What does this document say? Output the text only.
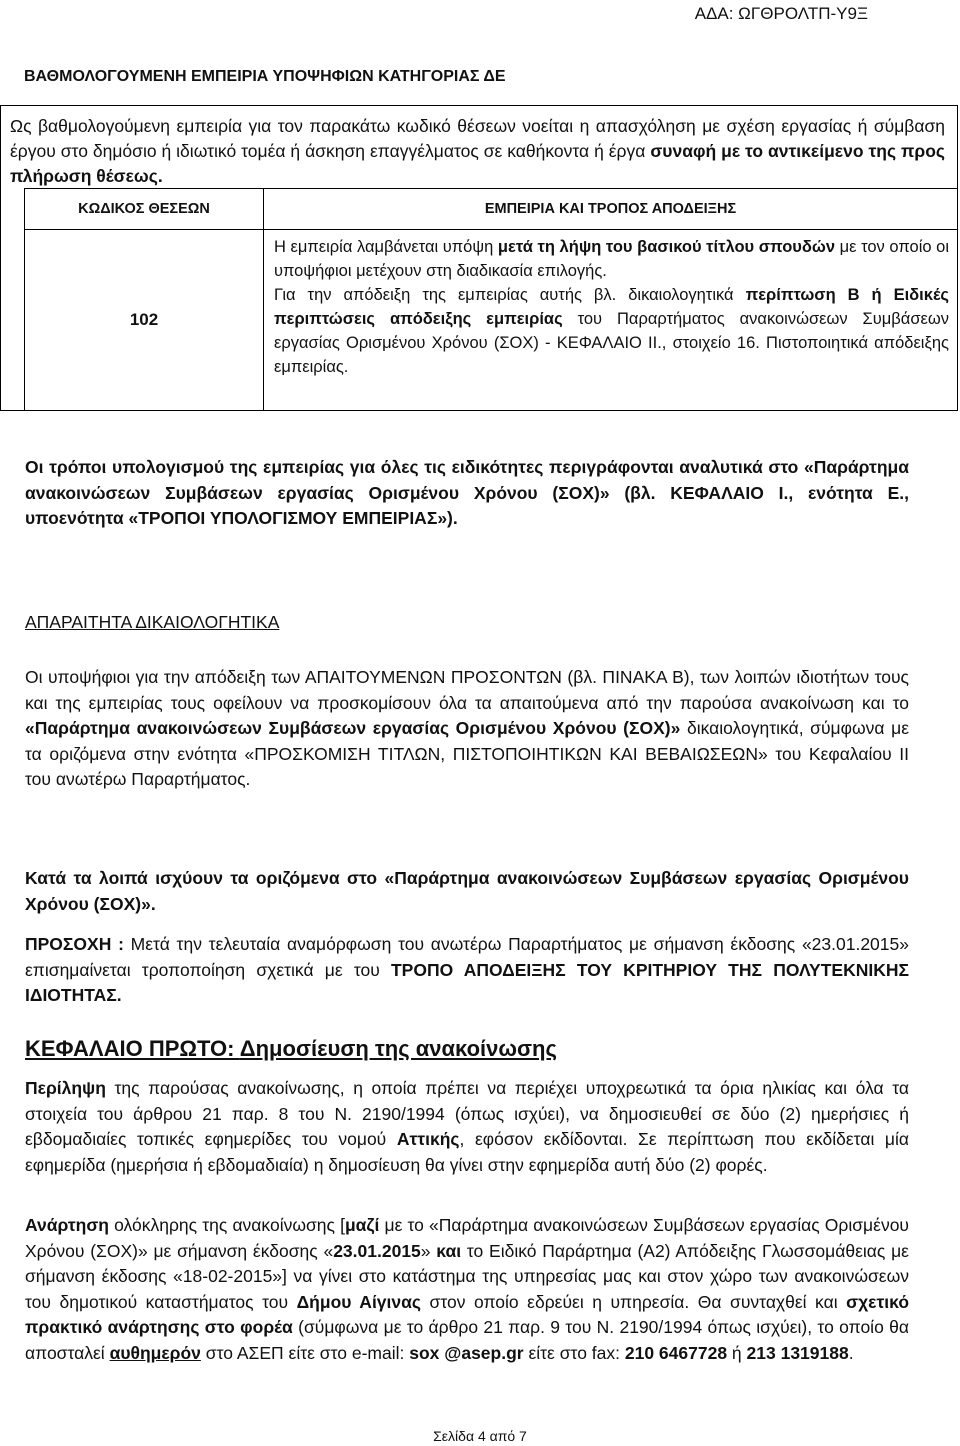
ΑΔΑ: ΩΓΘΡΟΛΤΠ-Υ9Ξ
ΒΑΘΜΟΛΟΓΟΥΜΕΝΗ ΕΜΠΕΙΡΙΑ ΥΠΟΨΗΦΙΩΝ ΚΑΤΗΓΟΡΙΑΣ ΔΕ
Ως βαθμολογούμενη εμπειρία για τον παρακάτω κωδικό θέσεων νοείται η απασχόληση με σχέση εργασίας ή σύμβαση έργου στο δημόσιο ή ιδιωτικό τομέα ή άσκηση επαγγέλματος σε καθήκοντα ή έργα συναφή με το αντικείμενο της προς πλήρωση θέσεως.
ΚΩΔΙΚΟΣ ΘΕΣΕΩΝ	ΕΜΠΕΙΡΙΑ ΚΑΙ ΤΡΟΠΟΣ ΑΠΟΔΕΙΞΗΣ
102

Η εμπειρία λαμβάνεται υπόψη μετά τη λήψη του βασικού τίτλου σπουδών με τον οποίο οι υποψήφιοι μετέχουν στη διαδικασία επιλογής.

Για την απόδειξη της εμπειρίας αυτής βλ. δικαιολογητικά περίπτωση Β ή Ειδικές περιπτώσεις απόδειξης εμπειρίας του Παραρτήματος ανακοινώσεων Συμβάσεων εργασίας Ορισμένου Χρόνου (ΣΟΧ) - ΚΕΦΑΛΑΙΟ ΙΙ., στοιχείο 16. Πιστοποιητικά απόδειξης εμπειρίας.

Οι τρόποι υπολογισμού της εμπειρίας για όλες τις ειδικότητες περιγράφονται αναλυτικά στο «Παράρτημα ανακοινώσεων Συμβάσεων εργασίας Ορισμένου Χρόνου (ΣΟΧ)» (βλ. ΚΕΦΑΛΑΙΟ Ι., ενότητα Ε., υποενότητα «ΤΡΟΠΟΙ ΥΠΟΛΟΓΙΣΜΟΥ ΕΜΠΕΙΡΙΑΣ»).

ΑΠΑΡΑΙΤΗΤΑ ΔΙΚΑΙΟΛΟΓΗΤΙΚΑ

Οι υποψήφιοι για την απόδειξη των ΑΠΑΙΤΟΥΜΕΝΩΝ ΠΡΟΣΟΝΤΩΝ (βλ. ΠΙΝΑΚΑ Β), των λοιπών ιδιοτήτων τους και της εμπειρίας τους οφείλουν να προσκομίσουν όλα τα απαιτούμενα από την παρούσα ανακοίνωση και το «Παράρτημα ανακοινώσεων Συμβάσεων εργασίας Ορισμένου Χρόνου (ΣΟΧ)» δικαιολογητικά, σύμφωνα με τα οριζόμενα στην ενότητα «ΠΡΟΣΚΟΜΙΣΗ ΤΙΤΛΩΝ, ΠΙΣΤΟΠΟΙΗΤΙΚΩΝ ΚΑΙ ΒΕΒΑΙΩΣΕΩΝ» του Κεφαλαίου ΙΙ του ανωτέρω Παραρτήματος.

Κατά τα λοιπά ισχύουν τα οριζόμενα στο «Παράρτημα ανακοινώσεων Συμβάσεων εργασίας Ορισμένου Χρόνου (ΣΟΧ)».

ΠΡΟΣΟΧΗ : Μετά την τελευταία αναμόρφωση του ανωτέρω Παραρτήματος με σήμανση έκδοσης «23.01.2015» επισημαίνεται τροποποίηση σχετικά με του ΤΡΟΠΟ ΑΠΟΔΕΙΞΗΣ ΤΟΥ ΚΡΙΤΗΡΙΟΥ ΤΗΣ ΠΟΛΥΤΕΚΝΙΚΗΣ ΙΔΙΟΤΗΤΑΣ.

ΚΕΦΑΛΑΙΟ ΠΡΩΤΟ: Δημοσίευση της ανακοίνωσης

Περίληψη της παρούσας ανακοίνωσης, η οποία πρέπει να περιέχει υποχρεωτικά τα όρια ηλικίας και όλα τα στοιχεία του άρθρου 21 παρ. 8 του Ν. 2190/1994 (όπως ισχύει), να δημοσιευθεί σε δύο (2) ημερήσιες ή εβδομαδιαίες τοπικές εφημερίδες του νομού Αττικής, εφόσον εκδίδονται. Σε περίπτωση που εκδίδεται μία εφημερίδα (ημερήσια ή εβδομαδιαία) η δημοσίευση θα γίνει στην εφημερίδα αυτή δύο (2) φορές.

Ανάρτηση ολόκληρης της ανακοίνωσης [μαζί με το «Παράρτημα ανακοινώσεων Συμβάσεων εργασίας Ορισμένου Χρόνου (ΣΟΧ)» με σήμανση έκδοσης «23.01.2015» και το Ειδικό Παράρτημα (Α2) Απόδειξης Γλωσσομάθειας με σήμανση έκδοσης «18-02-2015»] να γίνει στο κατάστημα της υπηρεσίας μας και στον χώρο των ανακοινώσεων του δημοτικού καταστήματος του Δήμου Αίγινας στον οποίο εδρεύει η υπηρεσία. Θα συνταχθεί και σχετικό πρακτικό ανάρτησης στο φορέα (σύμφωνα με το άρθρο 21 παρ. 9 του Ν. 2190/1994 όπως ισχύει), το οποίο θα αποσταλεί αυθημερόν στο ΑΣΕΠ είτε στο e-mail: sox @asep.gr είτε στο fax: 210 6467728 ή 213 1319188.

Σελίδα 4 από 7
